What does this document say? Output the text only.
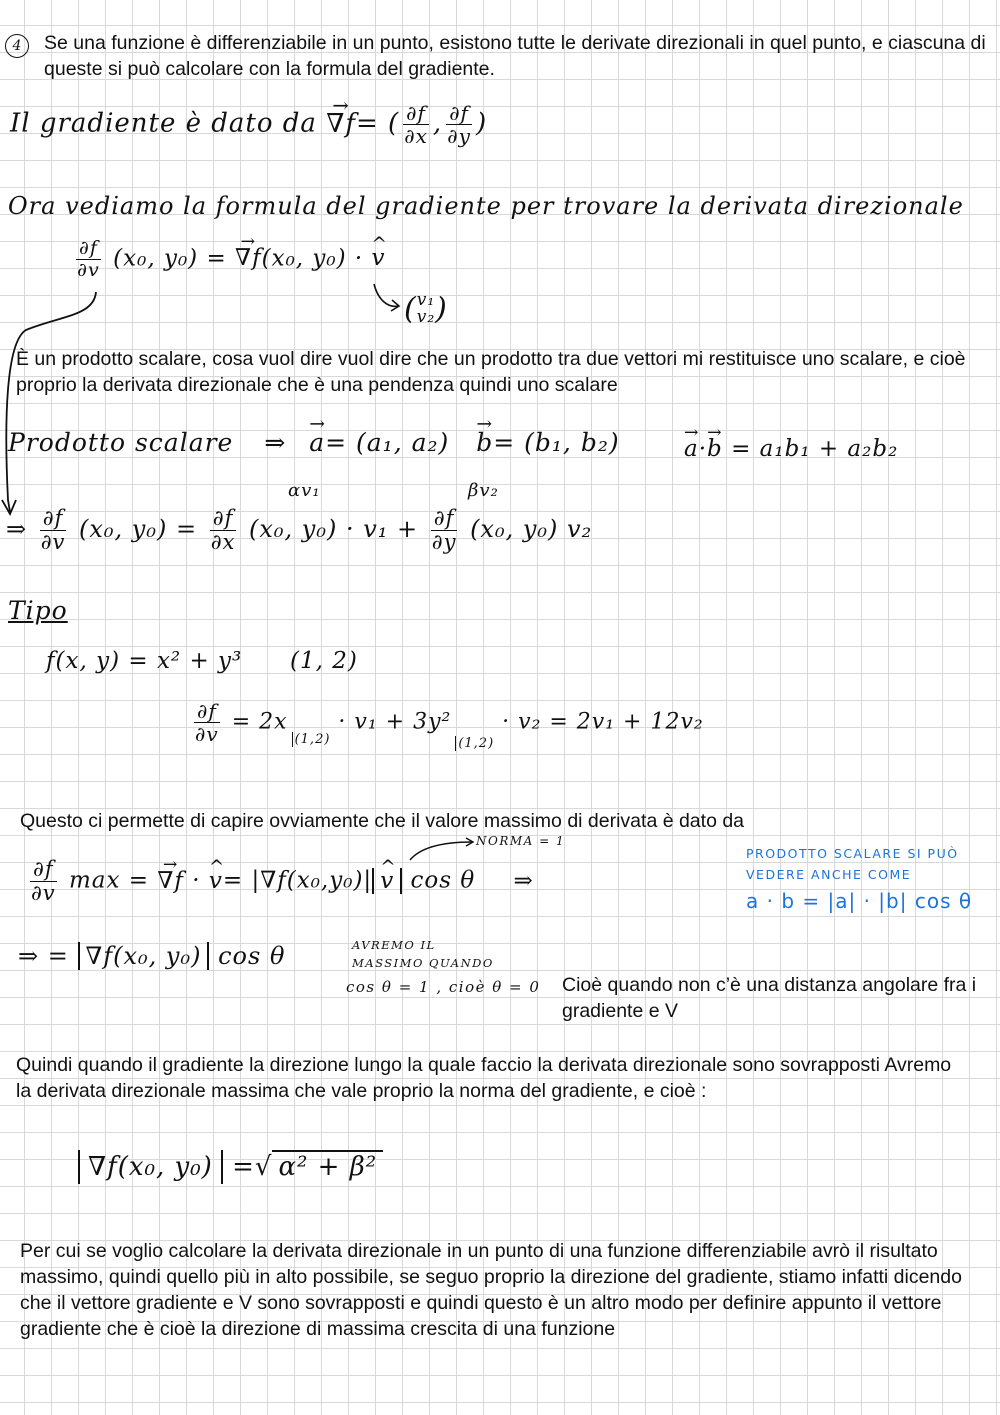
4 Se una funzione è differenziabile in un punto, esistono tutte le derivate direzionali in quel punto, e ciascuna di queste si può calcolare con la formula del gradiente.

Il gradiente è dato da → ∇f= ( $\frac{\partial f}{\partial x}$ , $\frac{\partial f}{\partial y}$ )
Ora vediamo la formula del gradiente per trovare la derivata direzionale
$\frac{\partial f}{\partial v} (x_0$, y₀) = → ∇f(x₀, y₀) · ^ v
( v₁
v₂ )

È un prodotto scalare, cosa vuol dire vuol dire che un prodotto tra due vettori mi restituisce uno scalare, e cioè proprio la derivata direzionale che è una pendenza quindi uno scalare

Prodotto scalare ⇒ → a= (a₁, a₂) → b= (b₁, b₂)	→ a·→ b = a₁b₁ + a₂b₂
αv₁	βv₂
⇒ $\frac{\partial f}{\partial v} (x_0$, $y_0) = \frac{\partial f}{\partial x} (x_0$, $y_0) \cdot v_1 + \frac{\partial f}{\partial y} (x_0$, y₀) v₂
Tipo
f(x, y) = x² + y³ (1, 2)
$\frac{\partial f}{\partial v} = 2x_{(1,2)} \cdot v_1 + 3y^2_{(1,2)} \cdot v_2 = 2v_1 + 12v_2$

Questo ci permette di capire ovviamente che il valore massimo di derivata è dato da

NORMA = 1
$\frac{\partial f}{\partial v}$ max = → ∇f · ^ v= |∇f(x₀,y₀)| ^ v cos θ ⇒
PRODOTTO SCALARE SI PUÒ
VEDERE ANCHE COME
a · b = |a| · |b| cos θ
⇒ = ∇f(x₀, y₀) cos θ	AVREMO IL
MASSIMO QUANDO
cos θ = 1 , cioè θ = 0 Cioè quando non c’è una distanza angolare fra i gradiente e V

Quindi quando il gradiente la direzione lungo la quale faccio la derivata direzionale sono sovrapposti Avremo la derivata direzionale massima che vale proprio la norma del gradiente, e cioè :

∇f(x₀, y₀) =√ α² + β²

Per cui se voglio calcolare la derivata direzionale in un punto di una funzione differenziabile avrò il risultato massimo, quindi quello più in alto possibile, se seguo proprio la direzione del gradiente, stiamo infatti dicendo che il vettore gradiente e V sono sovrapposti e quindi questo è un altro modo per definire appunto il vettore gradiente che è cioè la direzione di massima crescita di una funzione
